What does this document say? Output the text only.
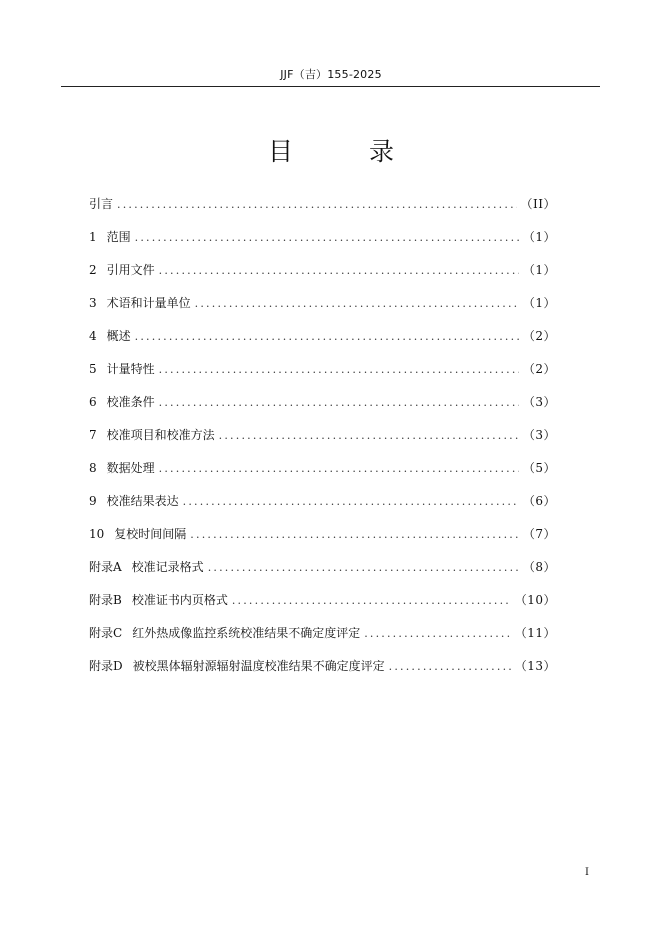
JJF（吉）155-2025
目 录
引言 .....	（II）
1 范围 .....	（1）
2 引用文件 .....	（1）
3 术语和计量单位 .....	（1）
4 概述 .....	（2）
5 计量特性 .....	（2）
6 校准条件 .....	（3）
7 校准项目和校准方法 .....	（3）
8 数据处理 .....	（5）
9 校准结果表达 .....	（6）
10 复校时间间隔 .....	（7）
附录A 校准记录格式 .....	（8）
附录B 校准证书内页格式 .....	（10）
附录C 红外热成像监控系统校准结果不确定度评定 .....	（11）
附录D 被校黑体辐射源辐射温度校准结果不确定度评定 .....	（13）
I
